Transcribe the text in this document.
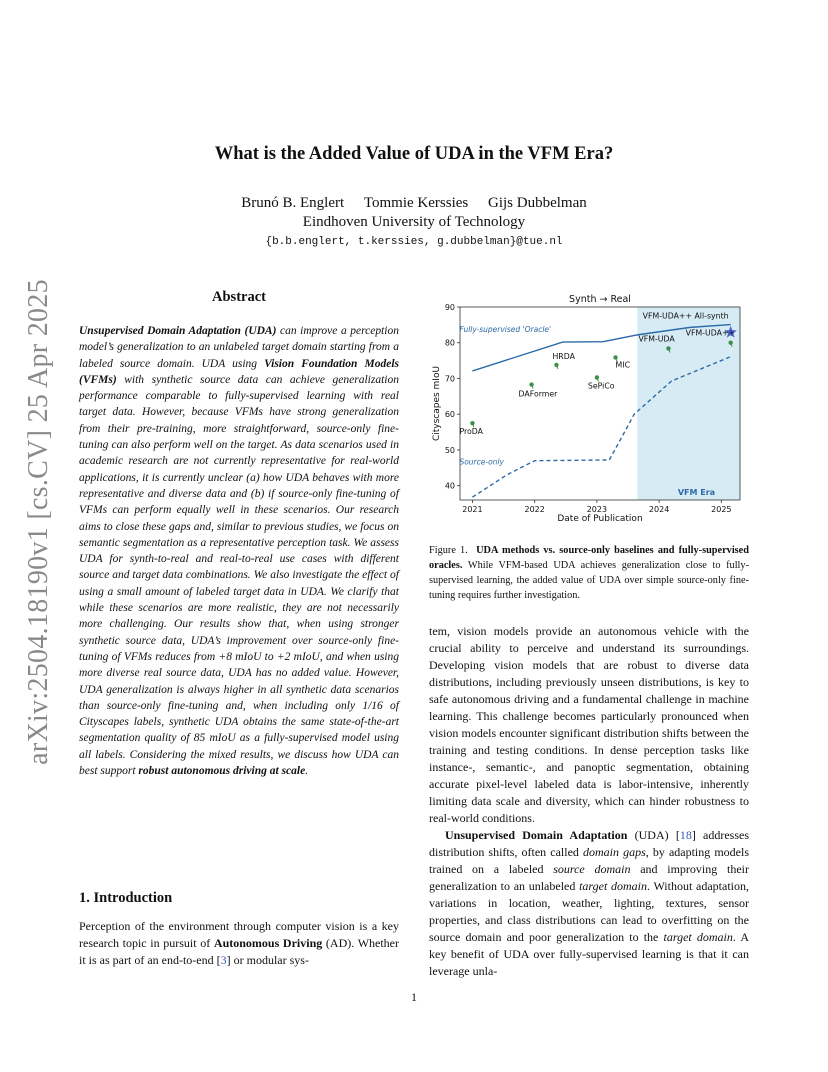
arXiv:2504.18190v1 [cs.CV] 25 Apr 2025
What is the Added Value of UDA in the VFM Era?
Brunó B. Englert Tommie Kerssies Gijs Dubbelman
Eindhoven University of Technology
{b.b.englert, t.kerssies, g.dubbelman}@tue.nl
Abstract
Unsupervised Domain Adaptation (UDA) can improve a perception model’s generalization to an unlabeled target domain starting from a labeled source domain. UDA using Vision Foundation Models (VFMs) with synthetic source data can achieve generalization performance comparable to fully-supervised learning with real target data. However, because VFMs have strong generalization from their pre-training, more straightforward, source-only fine-tuning can also perform well on the target. As data scenarios used in academic research are not currently representative for real-world applications, it is currently unclear (a) how UDA behaves with more representative and diverse data and (b) if source-only fine-tuning of VFMs can perform equally well in these scenarios. Our research aims to close these gaps and, similar to previous studies, we focus on semantic segmentation as a representative perception task. We assess UDA for synth-to-real and real-to-real use cases with different source and target data combinations. We also investigate the effect of using a small amount of labeled target data in UDA. We clarify that while these scenarios are more realistic, they are not necessarily more challenging. Our results show that, when using stronger synthetic source data, UDA’s improvement over source-only fine-tuning of VFMs reduces from +8 mIoU to +2 mIoU, and when using more diverse real source data, UDA has no added value. However, UDA generalization is always higher in all synthetic data scenarios than source-only fine-tuning and, when including only 1/16 of Cityscapes labels, synthetic UDA obtains the same state-of-the-art segmentation quality of 85 mIoU as a fully-supervised model using all labels. Considering the mixed results, we discuss how UDA can best support robust autonomous driving at scale.
1. Introduction
Perception of the environment through computer vision is a key research topic in pursuit of Autonomous Driving (AD). Whether it is as part of an end-to-end [3] or modular sys-
40
50
60
70
80
90
2021	2022	2023	2024	2025
Synth → Real
Date of Publication
Cityscapes mIoU
Fully-supervised 'Oracle'
Source-only
ProDA
DAFormer
HRDA
SePiCo
MIC
VFM-UDA
VFM-UDA++
VFM-UDA++ All-synth
VFM Era
Figure 1. UDA methods vs. source-only baselines and fully-supervised oracles. While VFM-based UDA achieves generalization close to fully-supervised learning, the added value of UDA over simple source-only fine-tuning requires further investigation.

tem, vision models provide an autonomous vehicle with the crucial ability to perceive and understand its surroundings. Developing vision models that are robust to diverse data distributions, including previously unseen distributions, is key to safe autonomous driving and a fundamental challenge in machine learning. This challenge becomes particularly pronounced when vision models encounter significant distribution shifts between the training and testing conditions. In dense perception tasks like instance-, semantic-, and panoptic segmentation, obtaining accurate pixel-level labeled data is labor-intensive, inherently limiting data scale and diversity, which can hinder robustness to real-world conditions.

Unsupervised Domain Adaptation (UDA) [18] addresses distribution shifts, often called domain gaps, by adapting models trained on a labeled source domain and improving their generalization to an unlabeled target domain. Without adaptation, variations in location, weather, lighting, textures, sensor properties, and class distributions can lead to overfitting on the source domain and poor generalization to the target domain. A key benefit of UDA over fully-supervised learning is that it can leverage unla-

1
